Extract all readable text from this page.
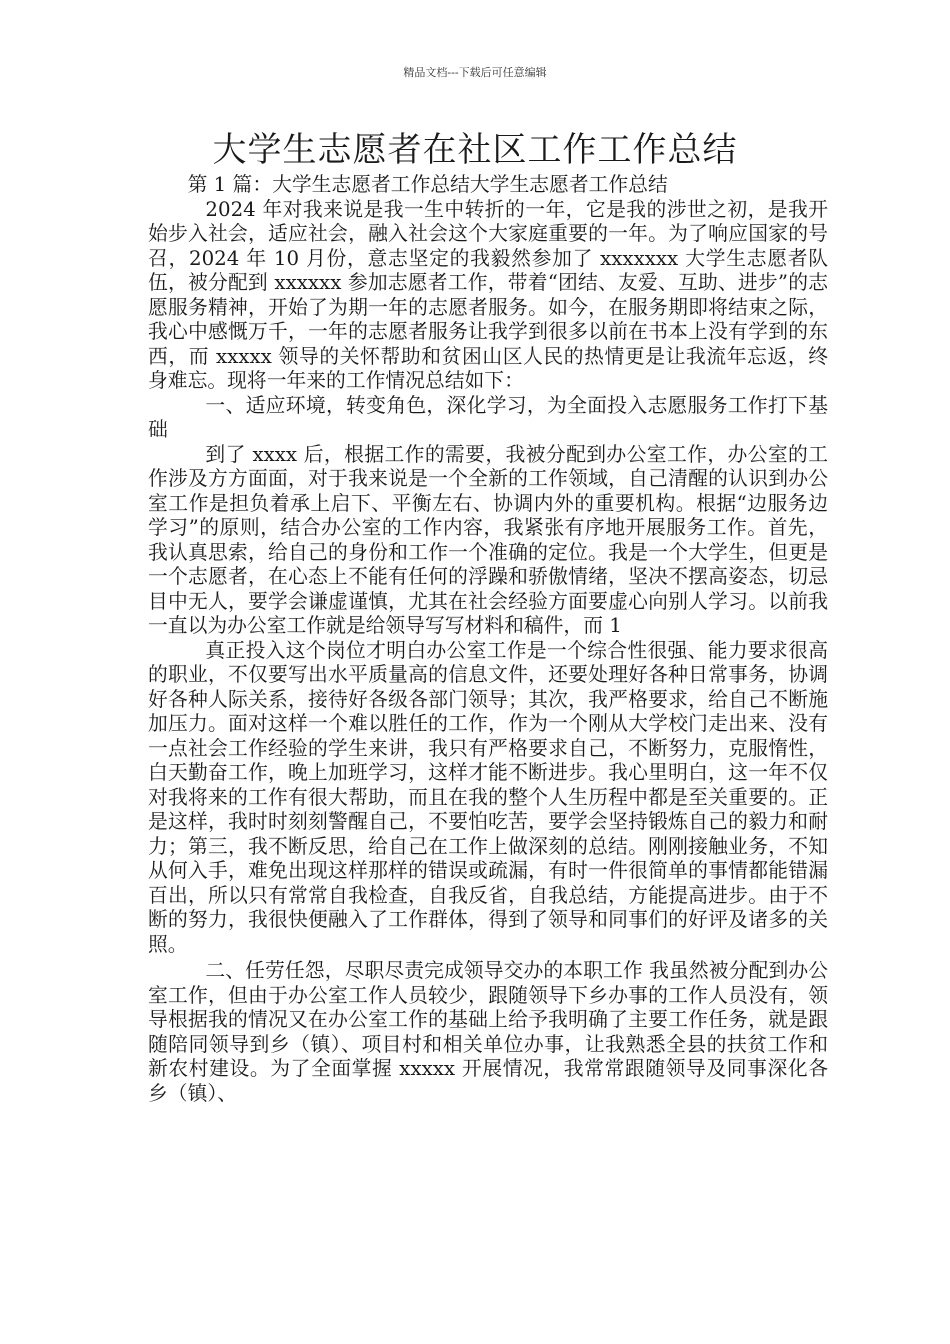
精品文档---下载后可任意编辑
大学生志愿者在社区工作工作总结

第 1 篇：大学生志愿者工作总结大学生志愿者工作总结

2024 年对我来说是我一生中转折的一年，它是我的涉世之初，是我开始步入社会，适应社会，融入社会这个大家庭重要的一年。为了响应国家的号召，2024 年 10 月份，意志坚定的我毅然参加了 xxxxxxx 大学生志愿者队伍，被分配到 xxxxxx 参加志愿者工作，带着“团结、友爱、互助、进步”的志愿服务精神，开始了为期一年的志愿者服务。如今，在服务期即将结束之际，我心中感慨万千，一年的志愿者服务让我学到很多以前在书本上没有学到的东西，而 xxxxx 领导的关怀帮助和贫困山区人民的热情更是让我流年忘返，终身难忘。现将一年来的工作情况总结如下：

一、适应环境，转变角色，深化学习，为全面投入志愿服务工作打下基础

到了 xxxx 后，根据工作的需要，我被分配到办公室工作，办公室的工作涉及方方面面，对于我来说是一个全新的工作领域，自己清醒的认识到办公室工作是担负着承上启下、平衡左右、协调内外的重要机构。根据“边服务边学习”的原则，结合办公室的工作内容，我紧张有序地开展服务工作。首先，我认真思索，给自己的身份和工作一个准确的定位。我是一个大学生，但更是一个志愿者，在心态上不能有任何的浮躁和骄傲情绪，坚决不摆高姿态，切忌目中无人，要学会谦虚谨慎，尤其在社会经验方面要虚心向别人学习。以前我一直以为办公室工作就是给领导写写材料和稿件，而 1

真正投入这个岗位才明白办公室工作是一个综合性很强、能力要求很高的职业，不仅要写出水平质量高的信息文件，还要处理好各种日常事务，协调好各种人际关系，接待好各级各部门领导；其次，我严格要求，给自己不断施加压力。面对这样一个难以胜任的工作，作为一个刚从大学校门走出来、没有一点社会工作经验的学生来讲，我只有严格要求自己，不断努力，克服惰性，白天勤奋工作，晚上加班学习，这样才能不断进步。我心里明白，这一年不仅对我将来的工作有很大帮助，而且在我的整个人生历程中都是至关重要的。正是这样，我时时刻刻警醒自己，不要怕吃苦，要学会坚持锻炼自己的毅力和耐力；第三，我不断反思，给自己在工作上做深刻的总结。刚刚接触业务，不知从何入手，难免出现这样那样的错误或疏漏，有时一件很简单的事情都能错漏百出，所以只有常常自我检查，自我反省，自我总结，方能提高进步。由于不断的努力，我很快便融入了工作群体，得到了领导和同事们的好评及诸多的关照。

二、任劳任怨，尽职尽责完成领导交办的本职工作 我虽然被分配到办公室工作，但由于办公室工作人员较少，跟随领导下乡办事的工作人员没有，领导根据我的情况又在办公室工作的基础上给予我明确了主要工作任务，就是跟随陪同领导到乡（镇）、项目村和相关单位办事，让我熟悉全县的扶贫工作和新农村建设。为了全面掌握 xxxxx 开展情况，我常常跟随领导及同事深化各乡（镇）、
